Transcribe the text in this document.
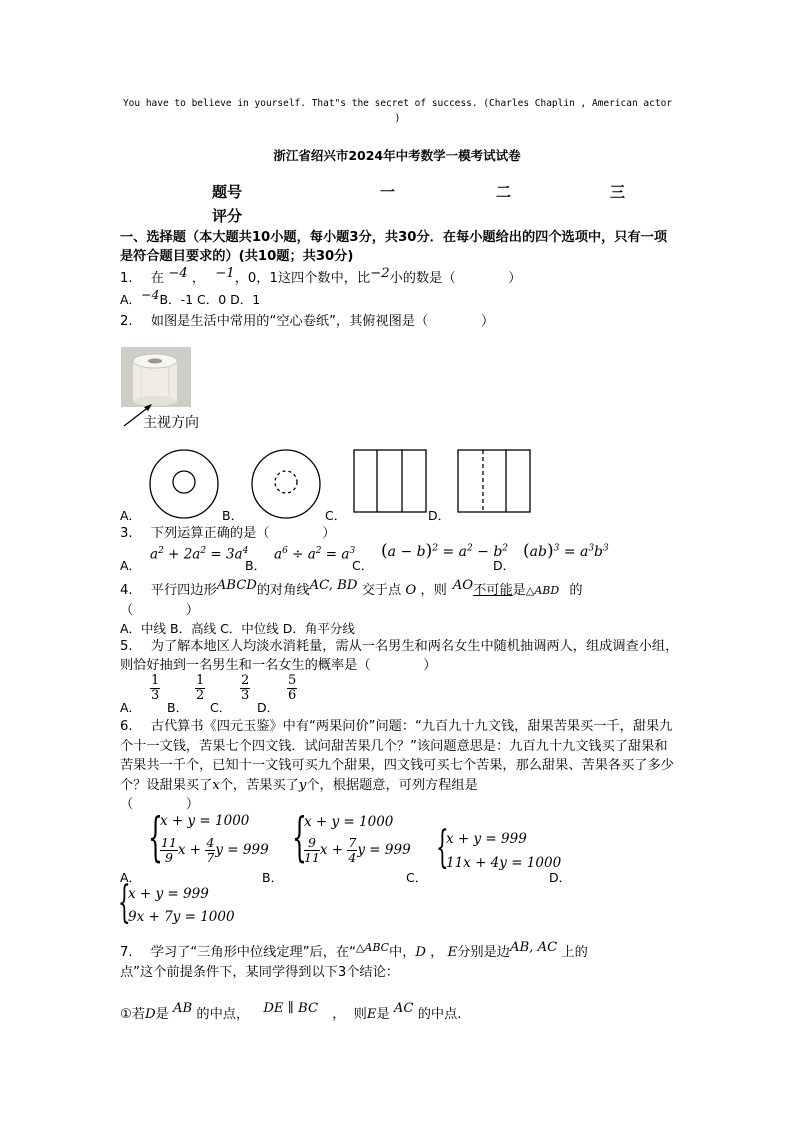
You have to believe in yourself. That"s the secret of success. (Charles Chaplin , American actor )
浙江省绍兴市2024年中考数学一模考试试卷
题号	一	二	三
评分
一、选择题（本大题共10小题，每小题3分，共30分．在每小题给出的四个选项中，只有一项是符合题目要求的）(共10题；共30分)
1. 在 −4 ， −1，0，1这四个数中，比−2小的数是（　　　　）
A．−4B．-1 C．0 D．1
2. 如图是生活中常用的“空心卷纸”，其俯视图是（　　　　）
主视方向
A．	B．	C．	D．
3. 下列运算正确的是（　　　　）
A．
$a^2 + 2a^2 = 3a^4$
B．
$a^6 \div a^2 = a^3$
C．
$(a - b)^2 = a^2 - b^2$
D．
$(ab)^3 = a^3b^3$
4. 平行四边形ABCD的对角线AC, BD 交于点 O ，则 AO不可能是△ABD 的
（　　　　）
A．中线 B．高线 C．中位线 D．角平分线
5. 为了解本地区人均淡水消耗量，需从一名男生和两名女生中随机抽调两人，组成调查小组，则恰好抽到一名男生和一名女生的概率是（　　　　）
A．
$\frac{1}{3}$
B．
$\frac{1}{2}$
C．
$\frac{2}{3}$
D．
$\frac{5}{6}$
6. 古代算书《四元玉鉴》中有“两果问价”问题：“九百九十九文钱，甜果苦果买一千，甜果九个十一文钱，苦果七个四文钱．试问甜苦果几个？”该问题意思是：九百九十九文钱买了甜果和苦果共一千个，已知十一文钱可买九个甜果，四文钱可买七个苦果，那么甜果、苦果各买了多少个？设甜果买了x个，苦果买了y个，根据题意，可列方程组是
（　　　　）
{
x + y = 1000
$\frac{11}{9}$ $x + \frac{4}{7}$ y = 999
A．
{
x + y = 1000
$\frac{9}{11}$ $x + \frac{7}{4}$ y = 999
B．
{
x + y = 999
11x + 4y = 1000
C．	D．
{
x + y = 999
9x + 7y = 1000
7. 学习了“三角形中位线定理”后，在“$^{\triangle ABC}$中，D ， E分别是边AB, AC 上的
点”这个前提条件下，某同学得到以下3个结论：
①若D是 AB 的中点， DE ∥ BC ， 则E是 AC 的中点.
